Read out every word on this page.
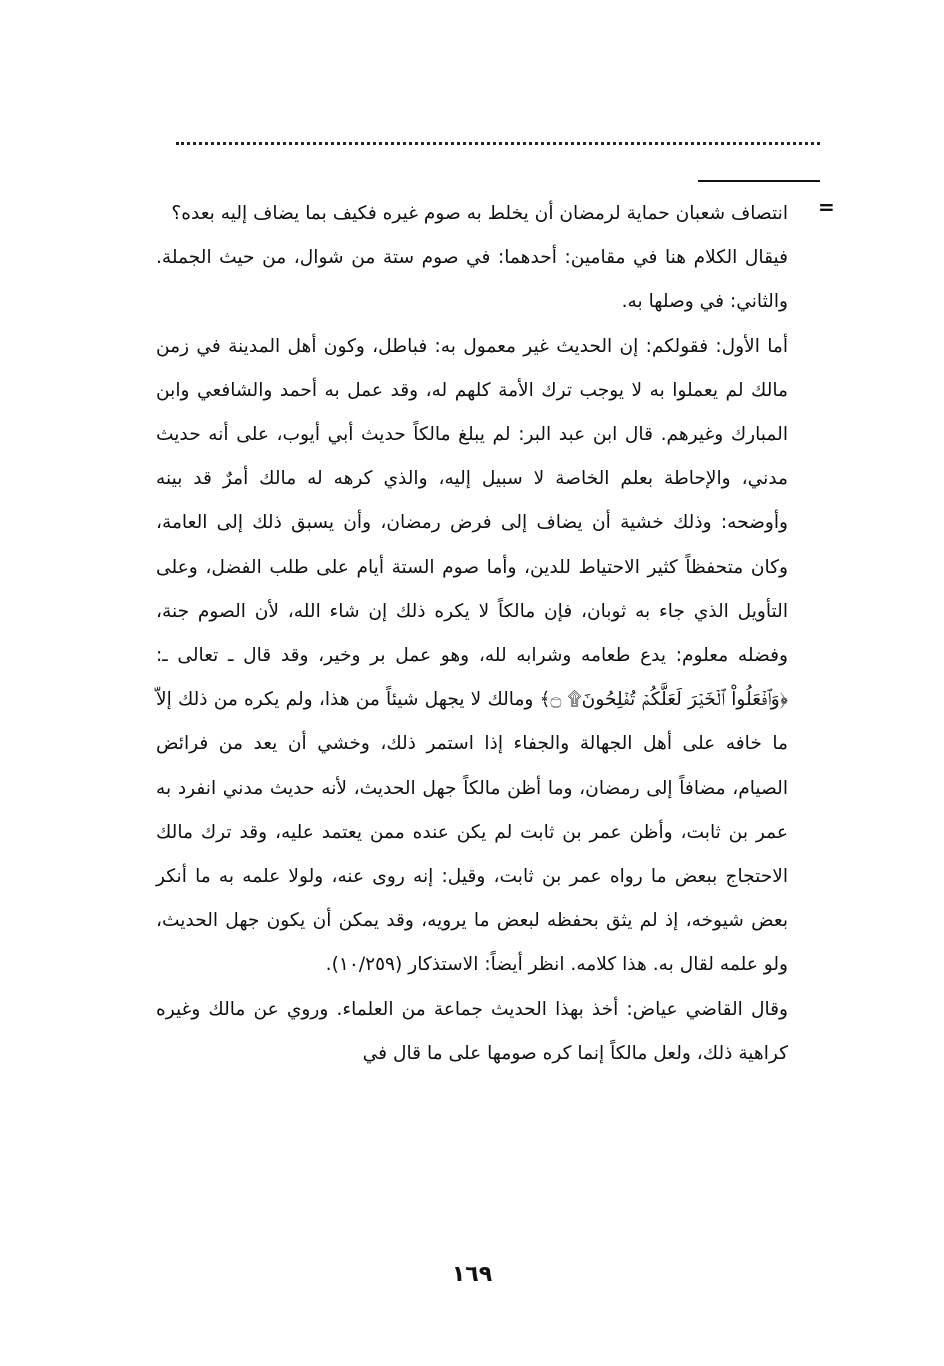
=

انتصاف شعبان حماية لرمضان أن يخلط به صوم غيره فكيف بما يضاف إليه بعده؟

فيقال الكلام هنا في مقامين: أحدهما: في صوم ستة من شوال، من حيث الجملة. والثاني: في وصلها به.

أما الأول: فقولكم: إن الحديث غير معمول به: فباطل، وكون أهل المدينة في زمن مالك لم يعملوا به لا يوجب ترك الأمة كلهم له، وقد عمل به أحمد والشافعي وابن المبارك وغيرهم. قال ابن عبد البر: لم يبلغ مالكاً حديث أبي أيوب، على أنه حديث مدني، والإحاطة بعلم الخاصة لا سبيل إليه، والذي كرهه له مالك أمرٌ قد بينه وأوضحه: وذلك خشية أن يضاف إلى فرض رمضان، وأن يسبق ذلك إلى العامة، وكان متحفظاً كثير الاحتياط للدين، وأما صوم الستة أيام على طلب الفضل، وعلى التأويل الذي جاء به ثوبان، فإن مالكاً لا يكره ذلك إن شاء الله، لأن الصوم جنة، وفضله معلوم: يدع طعامه وشرابه لله، وهو عمل بر وخير، وقد قال ـ تعالى ـ: ﴿وَٱفۡعَلُواْ ٱلۡخَيۡرَ لَعَلَّكُمۡ تُفۡلِحُونَ۩ ۝﴾ ومالك لا يجهل شيئاً من هذا، ولم يكره من ذلك إلاّ ما خافه على أهل الجهالة والجفاء إذا استمر ذلك، وخشي أن يعد من فرائض الصيام، مضافاً إلى رمضان، وما أظن مالكاً جهل الحديث، لأنه حديث مدني انفرد به عمر بن ثابت، وأظن عمر بن ثابت لم يكن عنده ممن يعتمد عليه، وقد ترك مالك الاحتجاج ببعض ما رواه عمر بن ثابت، وقيل: إنه روى عنه، ولولا علمه به ما أنكر بعض شيوخه، إذ لم يثق بحفظه لبعض ما يرويه، وقد يمكن أن يكون جهل الحديث، ولو علمه لقال به. هذا كلامه. انظر أيضاً: الاستذكار (١٠/٢٥٩).

وقال القاضي عياض: أخذ بهذا الحديث جماعة من العلماء. وروي عن مالك وغيره كراهية ذلك، ولعل مالكاً إنما كره صومها على ما قال في

١٦٩
